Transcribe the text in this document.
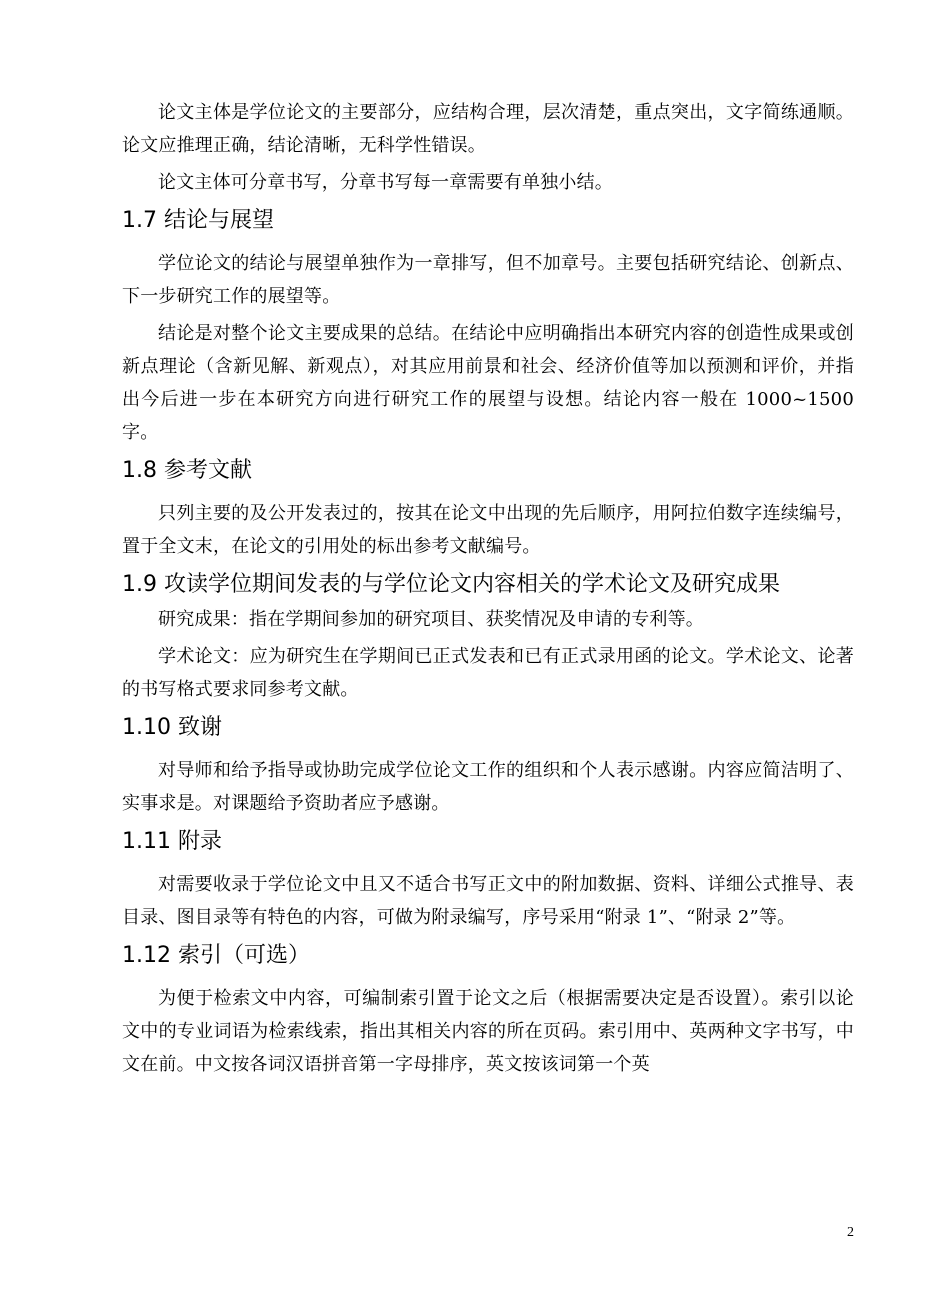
论文主体是学位论文的主要部分，应结构合理，层次清楚，重点突出，文字简练通顺。论文应推理正确，结论清晰，无科学性错误。

论文主体可分章书写，分章书写每一章需要有单独小结。

1.7 结论与展望

学位论文的结论与展望单独作为一章排写，但不加章号。主要包括研究结论、创新点、下一步研究工作的展望等。

结论是对整个论文主要成果的总结。在结论中应明确指出本研究内容的创造性成果或创新点理论（含新见解、新观点），对其应用前景和社会、经济价值等加以预测和评价，并指出今后进一步在本研究方向进行研究工作的展望与设想。结论内容一般在 1000~1500 字。

1.8 参考文献

只列主要的及公开发表过的，按其在论文中出现的先后顺序，用阿拉伯数字连续编号，置于全文末，在论文的引用处的标出参考文献编号。

1.9 攻读学位期间发表的与学位论文内容相关的学术论文及研究成果

研究成果：指在学期间参加的研究项目、获奖情况及申请的专利等。

学术论文：应为研究生在学期间已正式发表和已有正式录用函的论文。学术论文、论著的书写格式要求同参考文献。

1.10 致谢

对导师和给予指导或协助完成学位论文工作的组织和个人表示感谢。内容应简洁明了、实事求是。对课题给予资助者应予感谢。

1.11 附录

对需要收录于学位论文中且又不适合书写正文中的附加数据、资料、详细公式推导、表目录、图目录等有特色的内容，可做为附录编写，序号采用“附录 1”、“附录 2”等。

1.12 索引（可选）

为便于检索文中内容，可编制索引置于论文之后（根据需要决定是否设置）。索引以论文中的专业词语为检索线索，指出其相关内容的所在页码。索引用中、英两种文字书写，中文在前。中文按各词汉语拼音第一字母排序，英文按该词第一个英

2
